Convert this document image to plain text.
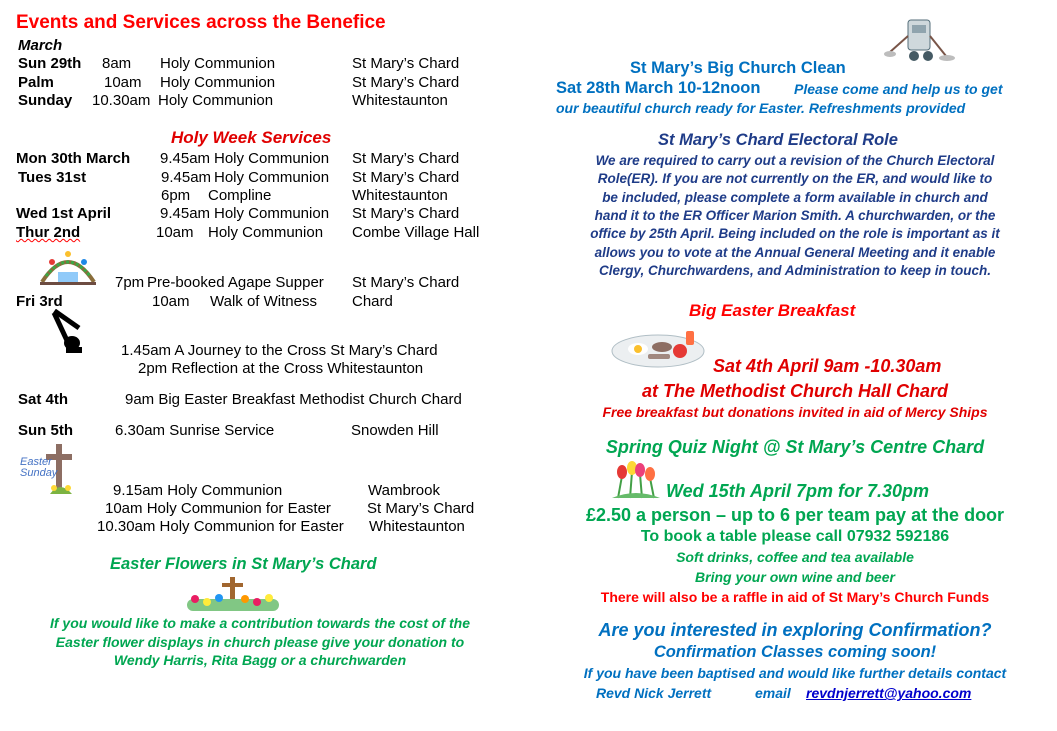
Events and Services across the Benefice
March
Sun 29th 8am Holy Communion	St Mary’s Chard
Palm	10am Holy Communion	St Mary’s Chard
Sunday 10.30am Holy Communion	Whitestaunton
Holy Week Services
Mon 30th March 9.45am Holy Communion St Mary’s Chard
Tues 31st	9.45am Holy Communion St Mary’s Chard
6pm Compline	Whitestaunton
Wed 1st April	9.45am Holy Communion St Mary’s Chard
Thur 2nd	10am Holy Communion Combe Village Hall
7pm Pre-booked Agape Supper St Mary’s Chard
Fri 3rd	10am Walk of Witness Chard
1.45am A Journey to the Cross St Mary’s Chard
2pm Reflection at the Cross Whitestaunton
Sat 4th	9am Big Easter Breakfast Methodist Church Chard
Sun 5th	6.30am Sunrise Service	Snowden Hill
Easter Sunday
9.15am Holy Communion	Wambrook
10am Holy Communion for Easter St Mary’s Chard
10.30am Holy Communion for Easter Whitestaunton
Easter Flowers in St Mary’s Chard
If you would like to make a contribution towards the cost of the
Easter flower displays in church please give your donation to
Wendy Harris, Rita Bagg or a churchwarden
St Mary’s Big Church Clean
Sat 28th March 10-12noon Please come and help us to get
our beautiful church ready for Easter. Refreshments provided
St Mary’s Chard Electoral Role
We are required to carry out a revision of the Church Electoral
Role(ER). If you are not currently on the ER, and would like to
be included, please complete a form available in church and
hand it to the ER Officer Marion Smith. A churchwarden, or the
office by 25th April. Being included on the role is important as it
allows you to vote at the Annual General Meeting and it enable
Clergy, Churchwardens, and Administration to keep in touch.
Big Easter Breakfast
Sat 4th April 9am -10.30am
at The Methodist Church Hall Chard
Free breakfast but donations invited in aid of Mercy Ships
Spring Quiz Night @ St Mary’s Centre Chard
Wed 15th April 7pm for 7.30pm
£2.50 a person – up to 6 per team pay at the door
To book a table please call 07932 592186
Soft drinks, coffee and tea available
Bring your own wine and beer
There will also be a raffle in aid of St Mary’s Church Funds
Are you interested in exploring Confirmation?
Confirmation Classes coming soon!
If you have been baptised and would like further details contact
Revd Nick Jerrett	email revdnjerrett@yahoo.com
